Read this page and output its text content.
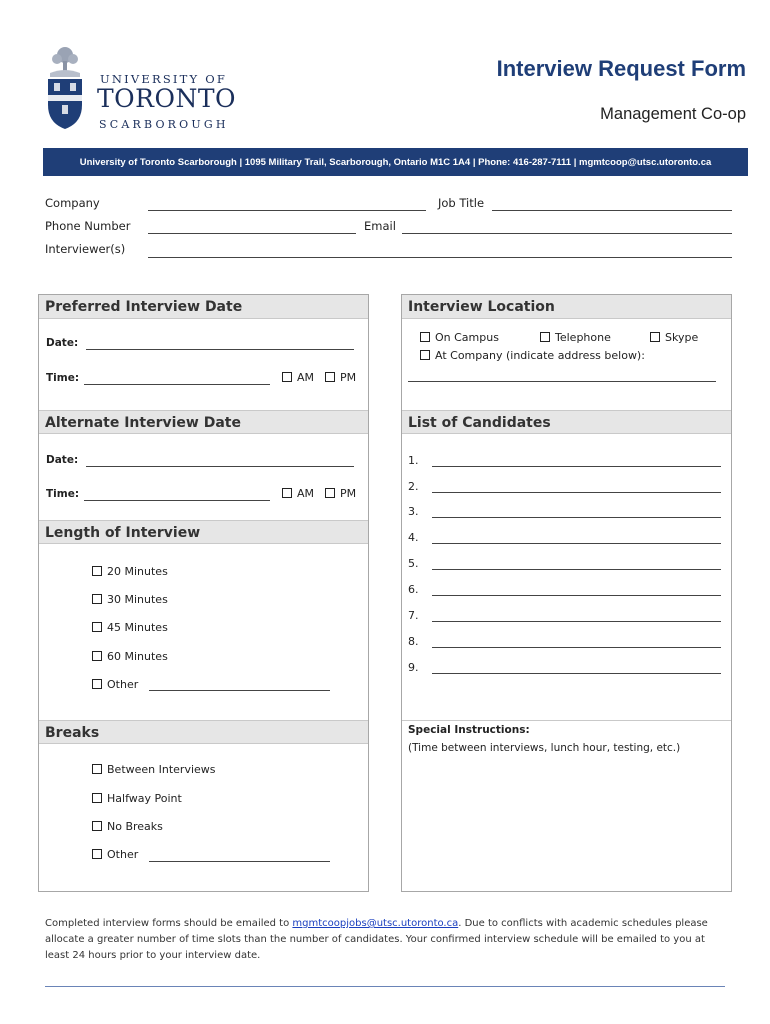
UNIVERSITY OF
TORONTO
SCARBOROUGH
Interview Request Form
Management Co-op
University of Toronto Scarborough | 1095 Military Trail, Scarborough, Ontario M1C 1A4 | Phone: 416-287-7111 | mgmtcoop@utsc.utoronto.ca
Company	Job Title
Phone Number	Email
Interviewer(s)
Preferred Interview Date
Date:
Time:	AM	PM
Alternate Interview Date
Date:
Time:	AM	PM
Length of Interview
20 Minutes
30 Minutes
45 Minutes
60 Minutes
Other
Breaks
Between Interviews
Halfway Point
No Breaks
Other
Interview Location
On Campus	Telephone	Skype
At Company (indicate address below):
List of Candidates
1.
2.
3.
4.
5.
6.
7.
8.
9.
Special Instructions:
(Time between interviews, lunch hour, testing, etc.)
Completed interview forms should be emailed to mgmtcoopjobs@utsc.utoronto.ca. Due to conflicts with academic schedules please allocate a greater number of time slots than the number of candidates. Your confirmed interview schedule will be emailed to you at least 24 hours prior to your interview date.
